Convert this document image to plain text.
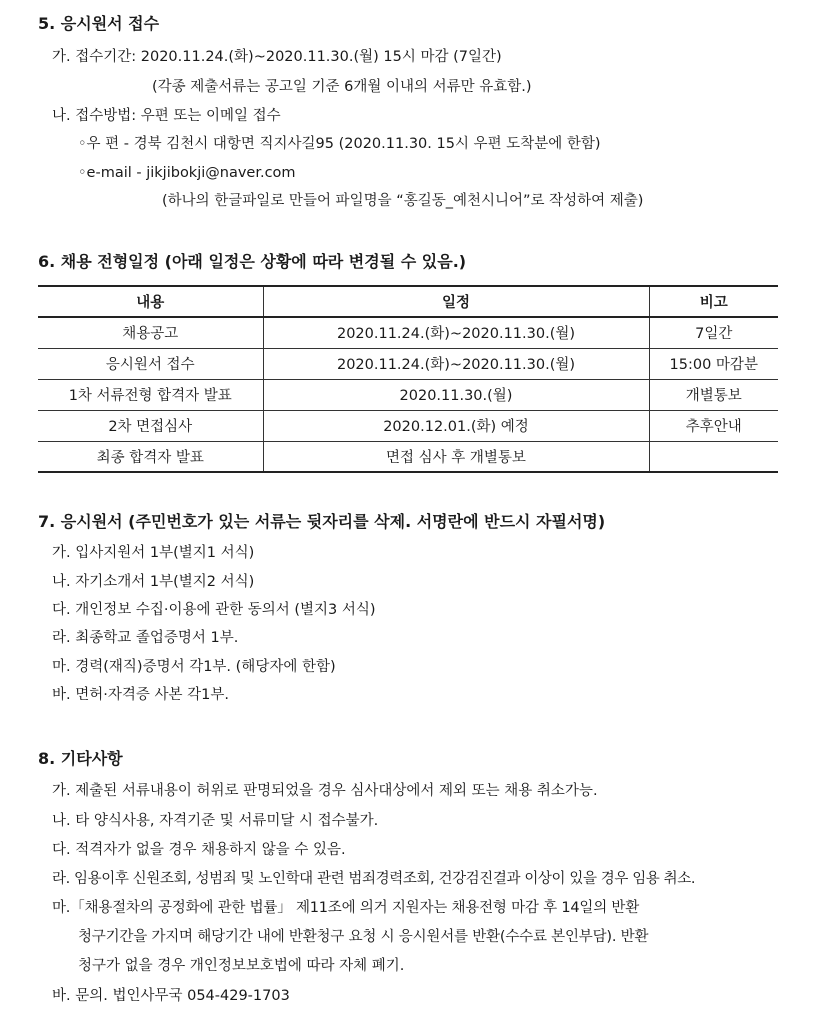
5. 응시원서 접수
가. 접수기간: 2020.11.24.(화)~2020.11.30.(월) 15시 마감 (7일간)
(각종 제출서류는 공고일 기준 6개월 이내의 서류만 유효함.)
나. 접수방법: 우편 또는 이메일 접수
◦우 편 - 경북 김천시 대항면 직지사길95 (2020.11.30. 15시 우편 도착분에 한함)
◦e-mail - jikjibokji@naver.com
(하나의 한글파일로 만들어 파일명을 “홍길동_예천시니어”로 작성하여 제출)
6. 채용 전형일정 (아래 일정은 상황에 따라 변경될 수 있음.)
내용	일정	비고
채용공고	2020.11.24.(화)~2020.11.30.(월)	7일간
응시원서 접수	2020.11.24.(화)~2020.11.30.(월)	15:00 마감분
1차 서류전형 합격자 발표	2020.11.30.(월)	개별통보
2차 면접심사	2020.12.01.(화) 예정	추후안내
최종 합격자 발표	면접 심사 후 개별통보	
7. 응시원서 (주민번호가 있는 서류는 뒷자리를 삭제. 서명란에 반드시 자필서명)
가. 입사지원서 1부(별지1 서식)
나. 자기소개서 1부(별지2 서식)
다. 개인정보 수집·이용에 관한 동의서 (별지3 서식)
라. 최종학교 졸업증명서 1부.
마. 경력(재직)증명서 각1부. (해당자에 한함)
바. 면허·자격증 사본 각1부.
8. 기타사항
가. 제출된 서류내용이 허위로 판명되었을 경우 심사대상에서 제외 또는 채용 취소가능.
나. 타 양식사용, 자격기준 및 서류미달 시 접수불가.
다. 적격자가 없을 경우 채용하지 않을 수 있음.
라. 임용이후 신원조회, 성범죄 및 노인학대 관련 범죄경력조회, 건강검진결과 이상이 있을 경우 임용 취소.
마.「채용절차의 공정화에 관한 법률」 제11조에 의거 지원자는 채용전형 마감 후 14일의 반환
청구기간을 가지며 해당기간 내에 반환청구 요청 시 응시원서를 반환(수수료 본인부담). 반환
청구가 없을 경우 개인정보보호법에 따라 자체 폐기.
바. 문의. 법인사무국 054-429-1703
